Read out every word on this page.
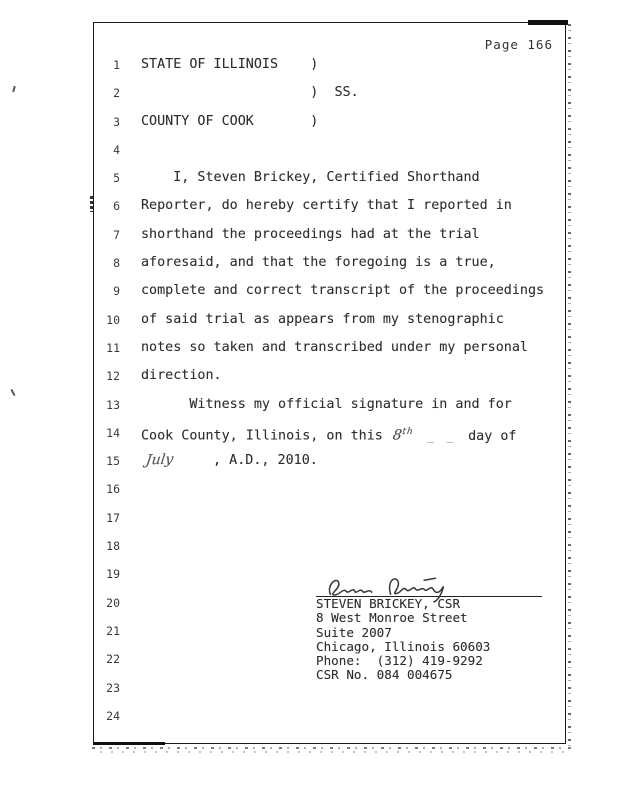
Page 166
1 STATE OF ILLINOIS    )
2 )  SS.
3 COUNTY OF COOK       )
4
5 I, Steven Brickey, Certified Shorthand
6 Reporter, do hereby certify that I reported in
7 shorthand the proceedings had at the trial
8 aforesaid, and that the foregoing is a true,
9 complete and correct transcript of the proceedings
10 of said trial as appears from my stenographic
11 notes so taken and transcribed under my personal
12 direction.
13 Witness my official signature in and for
14 Cook County, Illinois, on this 8th _ _ day of
15 July	, A.D., 2010.
16
17
18
19
20
21
22
23
24
STEVEN BRICKEY, CSR
8 West Monroe Street
Suite 2007
Chicago, Illinois 60603
Phone:  (312) 419-9292
CSR No. 084 004675
